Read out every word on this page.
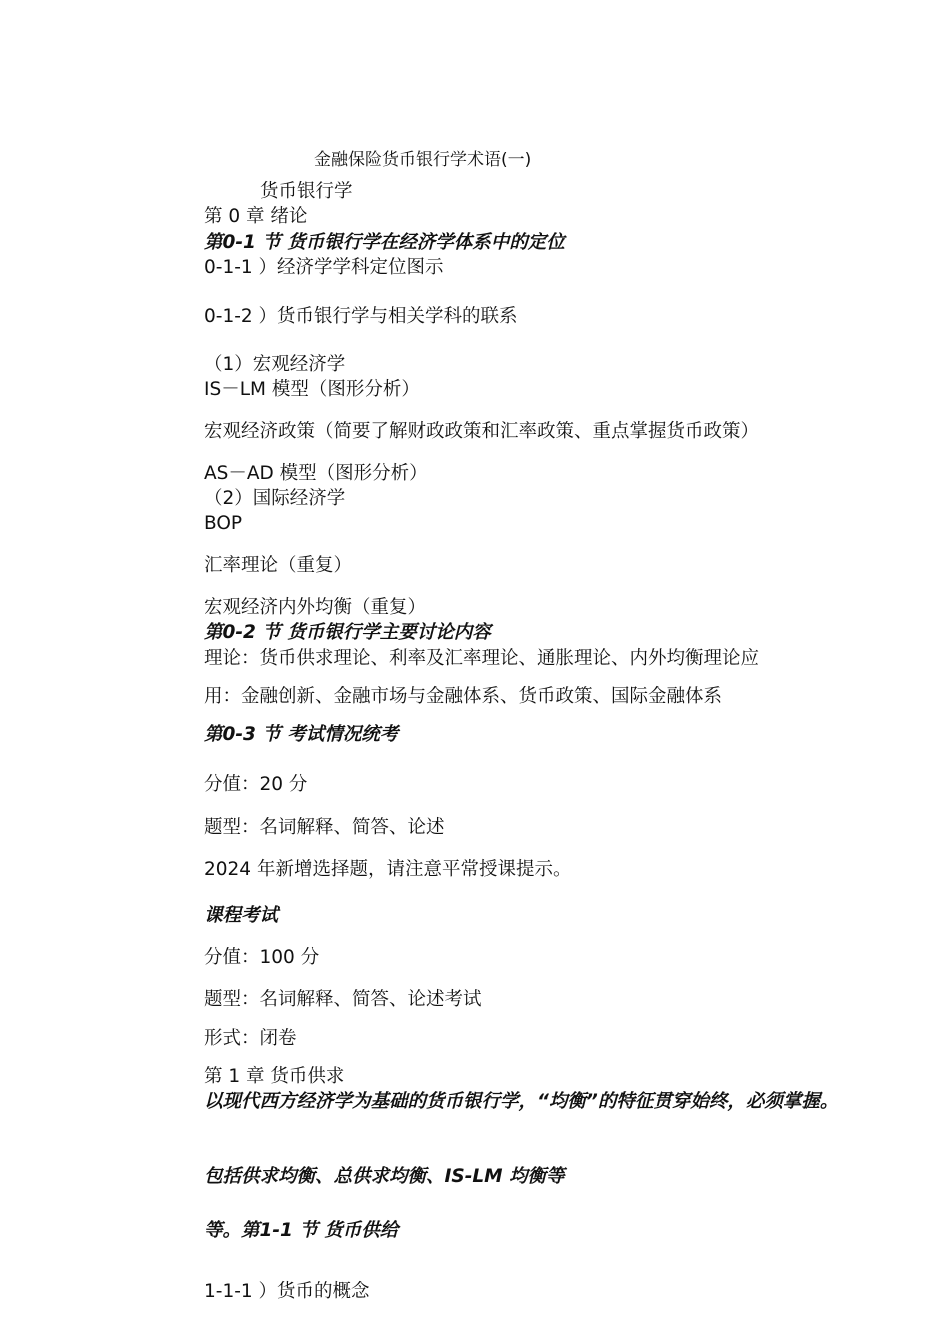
金融保险货币银行学术语(一)
货币银行学
第 0 章 绪论
第0-1 节 货币银行学在经济学体系中的定位
0-1-1 ）经济学学科定位图示
0-1-2 ）货币银行学与相关学科的联系
（1）宏观经济学
IS－LM 模型（图形分析）
宏观经济政策（简要了解财政政策和汇率政策、重点掌握货币政策）
AS－AD 模型（图形分析）
（2）国际经济学
BOP
汇率理论（重复）
宏观经济内外均衡（重复）
第0-2 节 货币银行学主要讨论内容
理论：货币供求理论、利率及汇率理论、通胀理论、内外均衡理论应
用：金融创新、金融市场与金融体系、货币政策、国际金融体系
第0-3 节 考试情况统考
分值：20 分
题型：名词解释、简答、论述
2024 年新增选择题，请注意平常授课提示。
课程考试
分值：100 分
题型：名词解释、简答、论述考试
形式：闭卷
第 1 章 货币供求
以现代西方经济学为基础的货币银行学，“均衡”的特征贯穿始终，必须掌握。
包括供求均衡、总供求均衡、IS-LM 均衡等
等。第1-1 节 货币供给
1-1-1 ）货币的概念
